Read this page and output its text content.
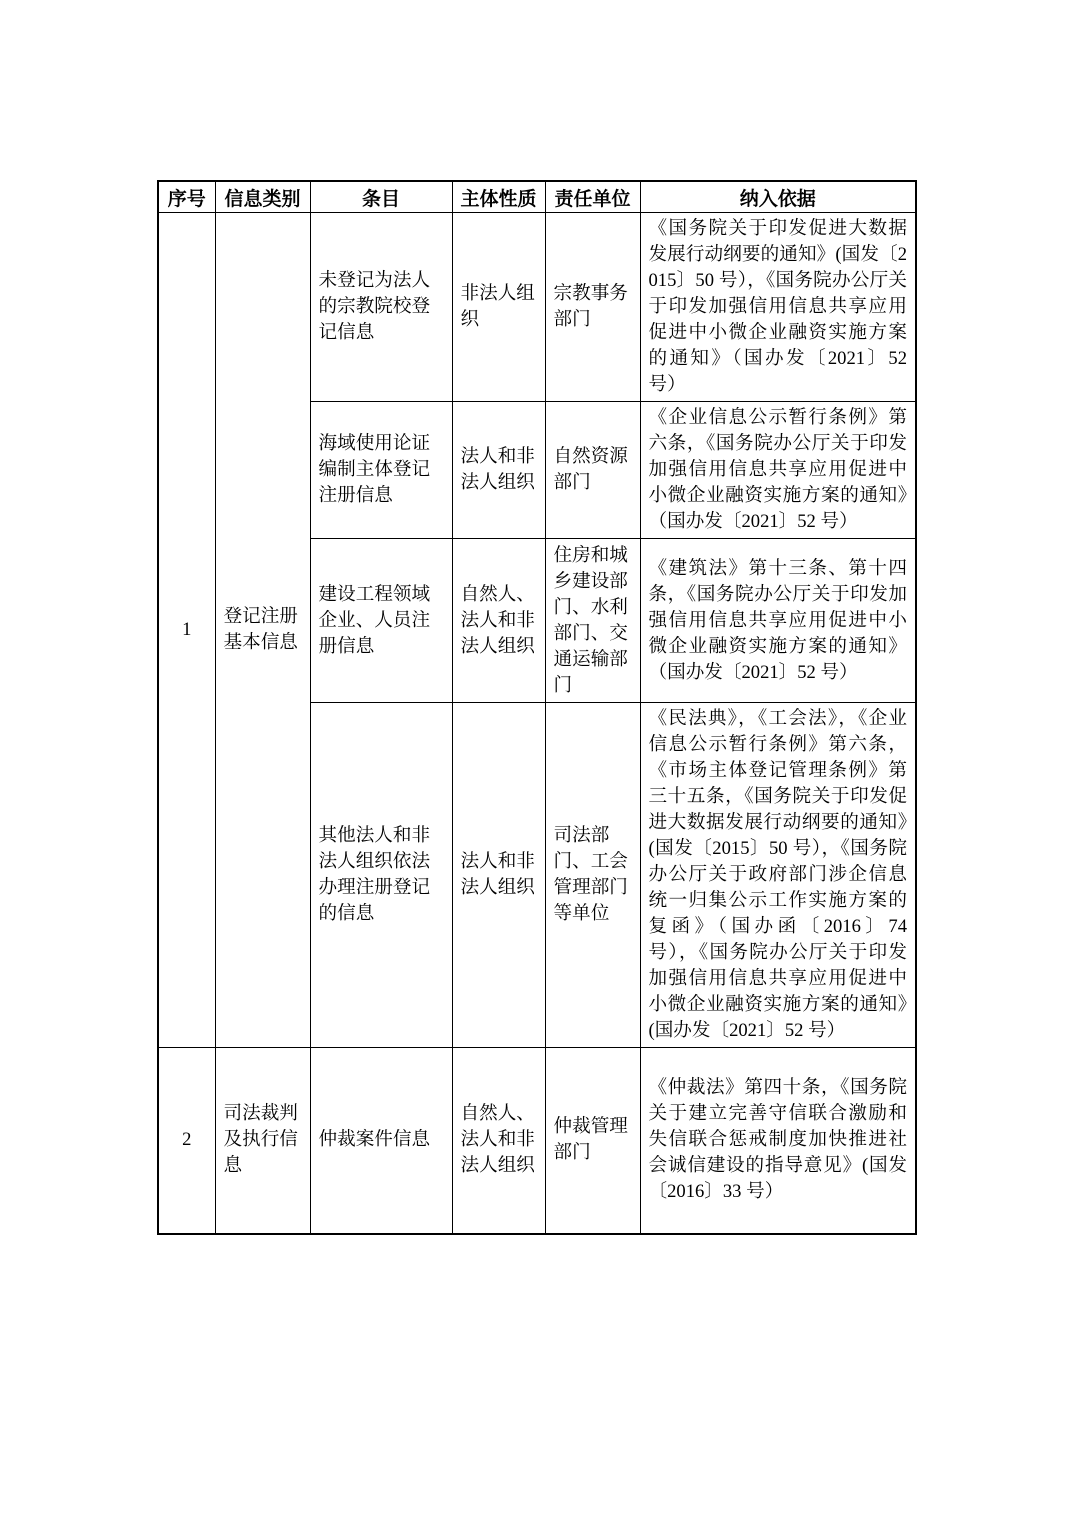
序号	信息类别	条目	主体性质	责任单位	纳入依据
1	登记注册基本信息	未登记为法人的宗教院校登记信息	非法人组织	宗教事务部门	《国务院关于印发促进大数据发展行动纲要的通知》(国发〔2015〕50 号），《国务院办公厅关于印发加强信用信息共享应用促进中小微企业融资实施方案的通知》（国办发〔2021〕52 号）
		海域使用论证编制主体登记注册信息	法人和非法人组织	自然资源部门	《企业信息公示暂行条例》第六条，《国务院办公厅关于印发加强信用信息共享应用促进中小微企业融资实施方案的通知》（国办发〔2021〕52 号）
		建设工程领域企业、人员注册信息	自然人、法人和非法人组织	住房和城乡建设部门、水利部门、交通运输部门	《建筑法》第十三条、第十四条，《国务院办公厅关于印发加强信用信息共享应用促进中小微企业融资实施方案的通知》（国办发〔2021〕52 号）
		其他法人和非法人组织依法办理注册登记的信息	法人和非法人组织	司法部门、工会管理部门等单位	《民法典》，《工会法》，《企业信息公示暂行条例》第六条，《市场主体登记管理条例》第三十五条，《国务院关于印发促进大数据发展行动纲要的通知》(国发〔2015〕50 号），《国务院办公厅关于政府部门涉企信息统一归集公示工作实施方案的复函》（国办函〔2016〕74 号），《国务院办公厅关于印发加强信用信息共享应用促进中小微企业融资实施方案的通知》(国办发〔2021〕52 号）
2	司法裁判及执行信息	仲裁案件信息	自然人、法人和非法人组织	仲裁管理部门	《仲裁法》第四十条，《国务院关于建立完善守信联合激励和失信联合惩戒制度加快推进社会诚信建设的指导意见》(国发〔2016〕33 号）
